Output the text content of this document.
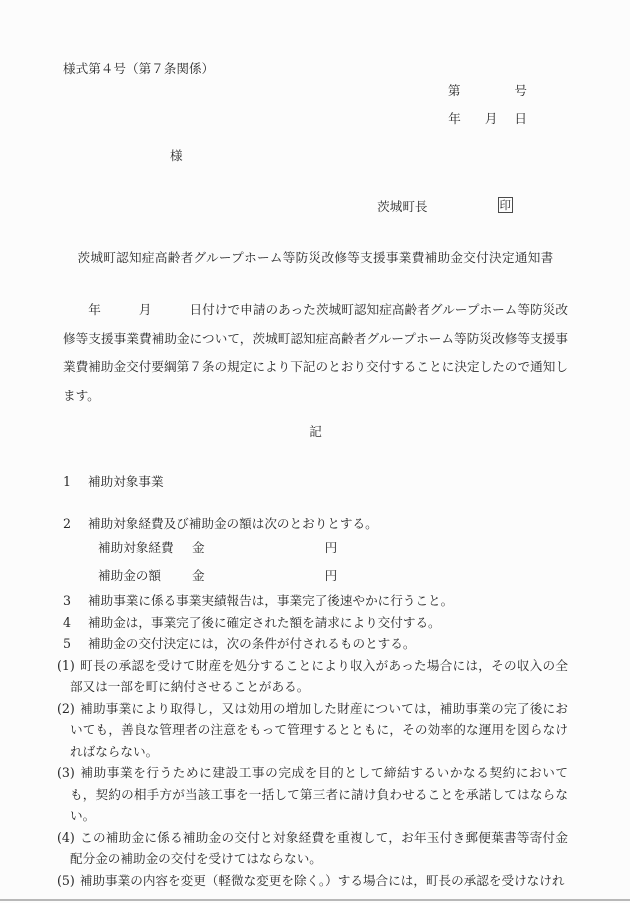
様式第４号（第７条関係）
第	号
年 月 日
様
茨城町長	印
茨城町認知症高齢者グループホーム等防災改修等支援事業費補助金交付決定通知書

　　年　　　月　　　日付けで申請のあった茨城町認知症高齢者グループホーム等防災改修等支援事業費補助金について，茨城町認知症高齢者グループホーム等防災改修等支援事業費補助金交付要綱第７条の規定により下記のとおり交付することに決定したので通知します。

記
1 補助対象事業
2 補助対象経費及び補助金の額は次のとおりとする。
補助対象経費 金	円
補助金の額 金	円
3 補助事業に係る事業実績報告は，事業完了後速やかに行うこと。
4 補助金は，事業完了後に確定された額を請求により交付する。
5 補助金の交付決定には，次の条件が付されるものとする。
(1) 町長の承認を受けて財産を処分することにより収入があった場合には，その収入の全部又は一部を町に納付させることがある。
(2) 補助事業により取得し，又は効用の増加した財産については，補助事業の完了後においても，善良な管理者の注意をもって管理するとともに，その効率的な運用を図らなければならない。
(3) 補助事業を行うために建設工事の完成を目的として締結するいかなる契約においても，契約の相手方が当該工事を一括して第三者に請け負わせることを承諾してはならない。
(4) この補助金に係る補助金の交付と対象経費を重複して，お年玉付き郵便葉書等寄付金配分金の補助金の交付を受けてはならない。
(5) 補助事業の内容を変更（軽微な変更を除く。）する場合には，町長の承認を受けなけれ
